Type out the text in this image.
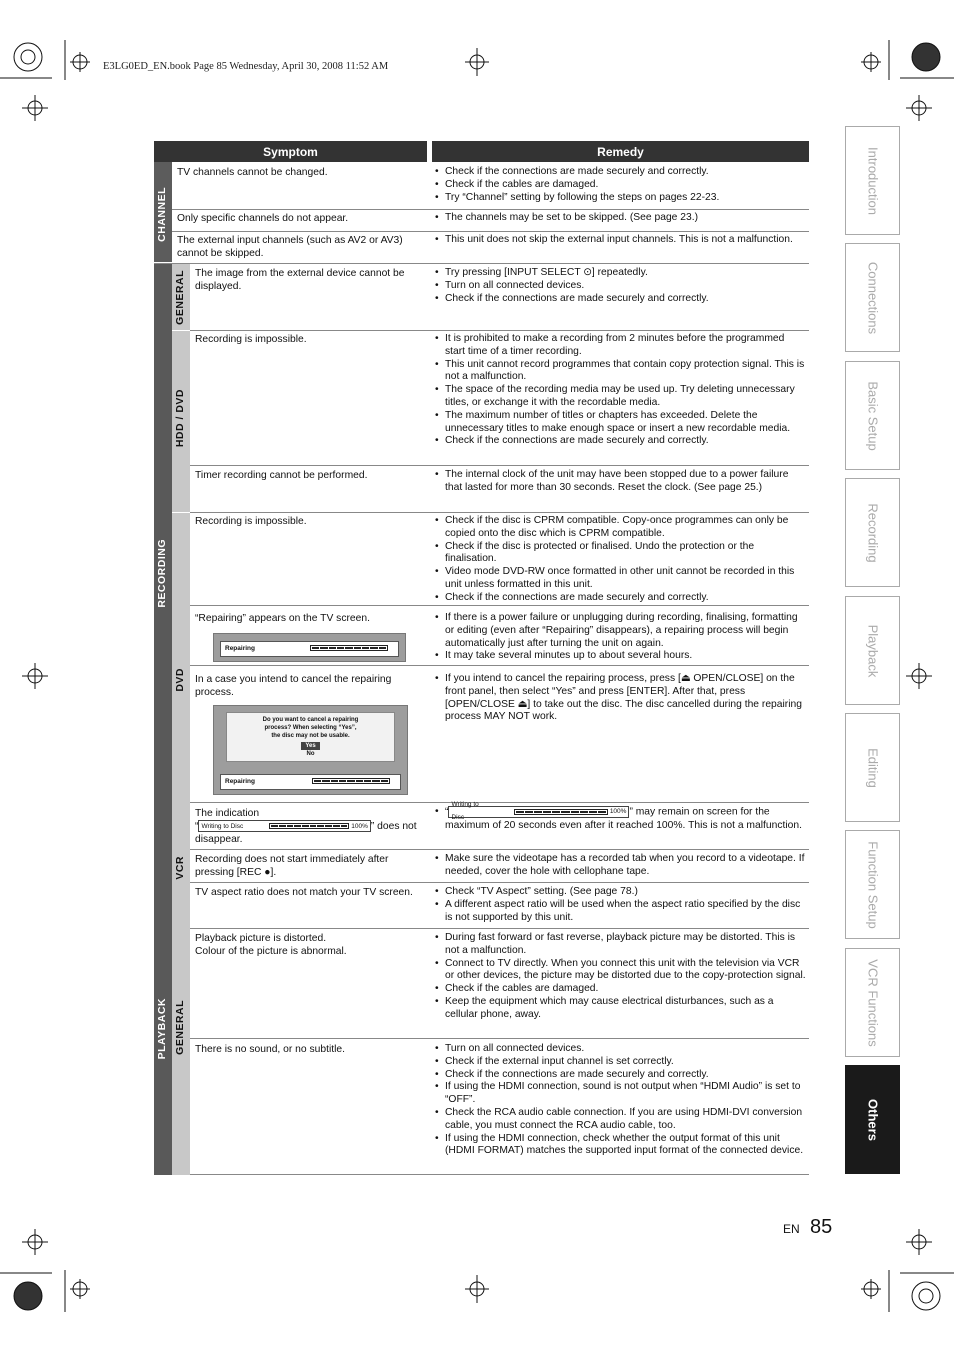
E3LG0ED_EN.book Page 85 Wednesday, April 30, 2008 11:52 AM
Symptom	Remedy
CHANNEL
RECORDING
PLAYBACK
GENERAL
HDD / DVD
DVD
VCR
GENERAL
TV channels cannot be changed.
Only specific channels do not appear.
The external input channels (such as AV2 or AV3) cannot be skipped.
The image from the external device cannot be displayed.
Recording is impossible.
Timer recording cannot be performed.
Recording is impossible.
“Repairing” appears on the TV screen.
Repairing
In a case you intend to cancel the repairing process.
Do you want to cancel a repairing
process? When selecting “Yes”,
the disc may not be usable.
Yes
No
Repairing
The indication
“ Writing to Disc	100% ” does not disappear.
Recording does not start immediately after pressing [REC ●].
TV aspect ratio does not match your TV screen.
Playback picture is distorted.
Colour of the picture is abnormal.
There is no sound, or no subtitle.
• Check if the connections are made securely and correctly.
• Check if the cables are damaged.
• Try “Channel” setting by following the steps on pages 22-23.
• The channels may be set to be skipped. (See page 23.)
• This unit does not skip the external input channels. This is not a malfunction.
• Try pressing [INPUT SELECT ⊙] repeatedly.
• Turn on all connected devices.
• Check if the connections are made securely and correctly.
• It is prohibited to make a recording from 2 minutes before the programmed start time of a timer recording.
• This unit cannot record programmes that contain copy protection signal. This is not a malfunction.
• The space of the recording media may be used up. Try deleting unnecessary titles, or exchange it with the recordable media.
• The maximum number of titles or chapters has exceeded. Delete the unnecessary titles to make enough space or insert a new recordable media.
• Check if the connections are made securely and correctly.
• The internal clock of the unit may have been stopped due to a power failure that lasted for more than 30 seconds. Reset the clock. (See page 25.)
• Check if the disc is CPRM compatible. Copy-once programmes can only be copied onto the disc which is CPRM compatible.
• Check if the disc is protected or finalised. Undo the protection or the finalisation.
• Video mode DVD-RW once formatted in other unit cannot be recorded in this unit unless formatted in this unit.
• Check if the connections are made securely and correctly.
• If there is a power failure or unplugging during recording, finalising, formatting or editing (even after “Repairing” disappears), a repairing process will begin automatically just after turning the unit on again.
• It may take several minutes up to about several hours.
• If you intend to cancel the repairing process, press [⏏ OPEN/CLOSE] on the front panel, then select “Yes” and press [ENTER]. After that, press [OPEN/CLOSE ⏏] to take out the disc. The disc cancelled during the repairing process MAY NOT work.
• “
Writing to Disc
100% ” may remain on screen for the maximum of 20 seconds even after it reached 100%. This is not a malfunction.
• Make sure the videotape has a recorded tab when you record to a videotape. If needed, cover the hole with cellophane tape.
• Check “TV Aspect” setting. (See page 78.)
• A different aspect ratio will be used when the aspect ratio specified by the disc is not supported by this unit.
• During fast forward or fast reverse, playback picture may be distorted. This is not a malfunction.
• Connect to TV directly. When you connect this unit with the television via VCR or other devices, the picture may be distorted due to the copy-protection signal.
• Check if the cables are damaged.
• Keep the equipment which may cause electrical disturbances, such as a cellular phone, away.
• Turn on all connected devices.
• Check if the external input channel is set correctly.
• Check if the connections are made securely and correctly.
• If using the HDMI connection, sound is not output when “HDMI Audio” is set to “OFF”.
• Check the RCA audio cable connection. If you are using HDMI-DVI conversion cable, you must connect the RCA audio cable, too.
• If using the HDMI connection, check whether the output format of this unit (HDMI FORMAT) matches the supported input format of the connected device.
Introduction
Connections
Basic Setup
Recording
Playback
Editing
Function Setup
VCR Functions
Others
EN 85
